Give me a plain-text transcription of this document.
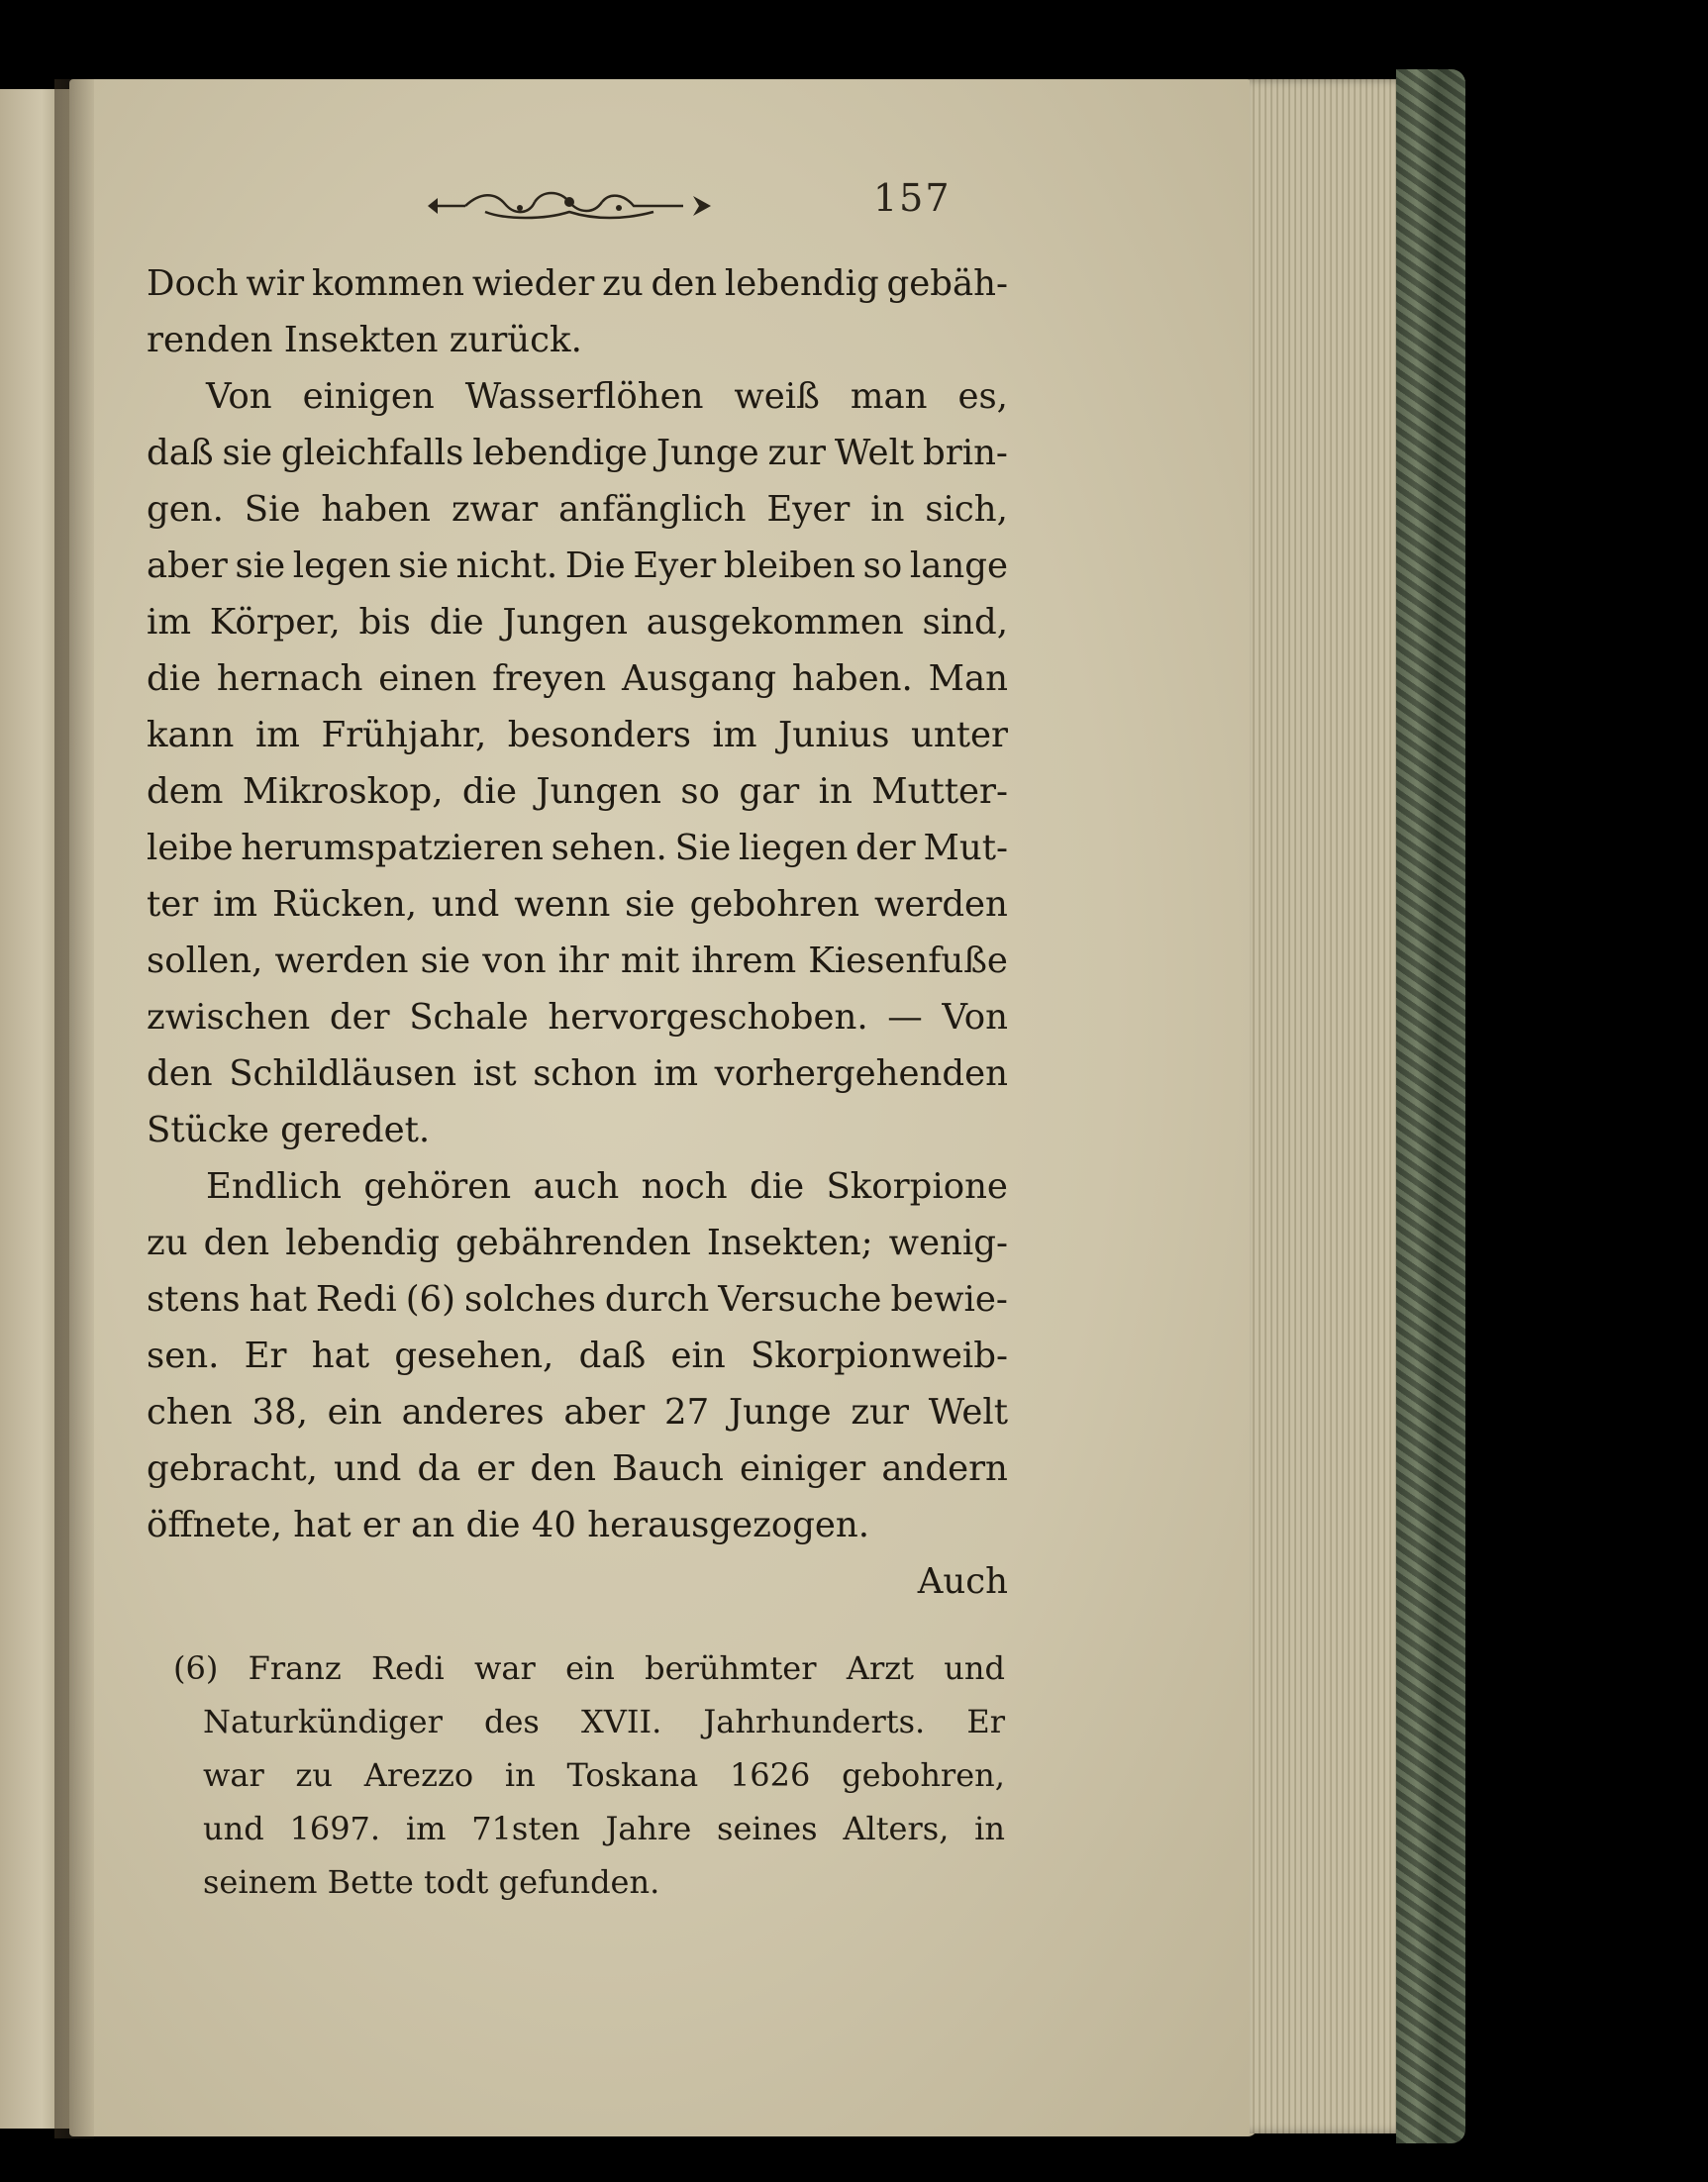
157
Doch wir kommen wieder zu den lebendig gebäh-
renden Insekten zurück.
Von einigen Wasserflöhen weiß man es,
daß sie gleichfalls lebendige Junge zur Welt brin-
gen. Sie haben zwar anfänglich Eyer in sich,
aber sie legen sie nicht. Die Eyer bleiben so lange
im Körper, bis die Jungen ausgekommen sind,
die hernach einen freyen Ausgang haben. Man
kann im Frühjahr, besonders im Junius unter
dem Mikroskop, die Jungen so gar in Mutter-
leibe herumspatzieren sehen. Sie liegen der Mut-
ter im Rücken, und wenn sie gebohren werden
sollen, werden sie von ihr mit ihrem Kiesenfuße
zwischen der Schale hervorgeschoben. — Von
den Schildläusen ist schon im vorhergehenden
Stücke geredet.
Endlich gehören auch noch die Skorpione
zu den lebendig gebährenden Insekten; wenig-
stens hat Redi (6) solches durch Versuche bewie-
sen. Er hat gesehen, daß ein Skorpionweib-
chen 38, ein anderes aber 27 Junge zur Welt
gebracht, und da er den Bauch einiger andern
öffnete, hat er an die 40 herausgezogen.
Auch
(6) Franz Redi war ein berühmter Arzt und
Naturkündiger des XVII. Jahrhunderts. Er
war zu Arezzo in Toskana 1626 gebohren,
und 1697. im 71sten Jahre seines Alters, in
seinem Bette todt gefunden.
